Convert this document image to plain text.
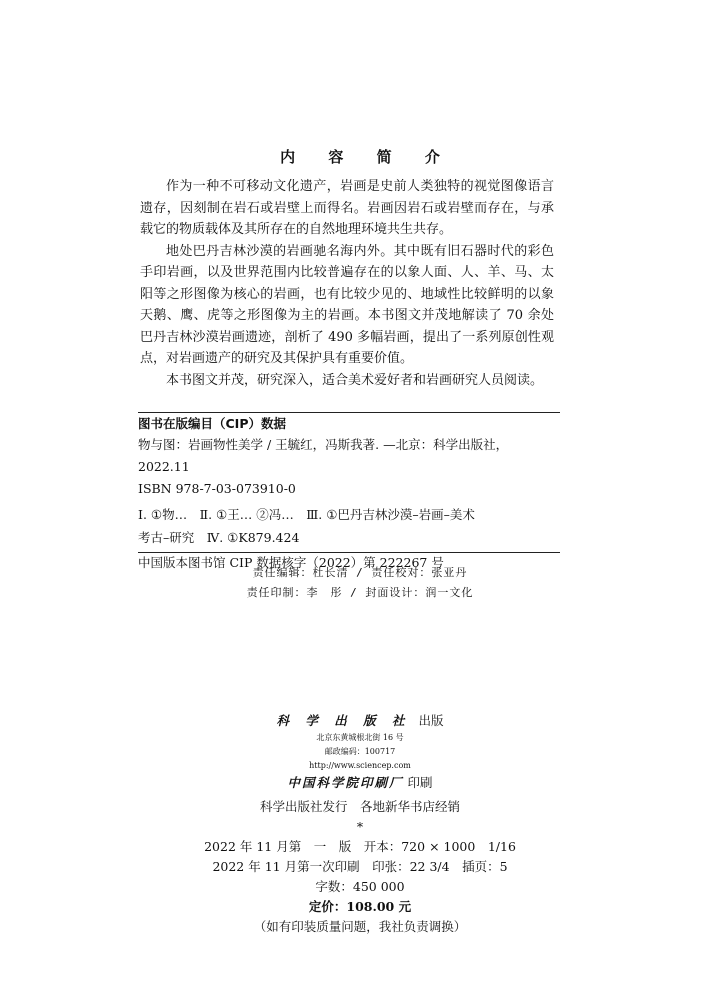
内 容 简 介

作为一种不可移动文化遗产，岩画是史前人类独特的视觉图像语言遗存，因刻制在岩石或岩壁上而得名。岩画因岩石或岩壁而存在，与承载它的物质载体及其所存在的自然地理环境共生共存。

地处巴丹吉林沙漠的岩画驰名海内外。其中既有旧石器时代的彩色手印岩画，以及世界范围内比较普遍存在的以象人面、人、羊、马、太阳等之形图像为核心的岩画，也有比较少见的、地域性比较鲜明的以象天鹅、鹰、虎等之形图像为主的岩画。本书图文并茂地解读了 70 余处巴丹吉林沙漠岩画遗迹，剖析了 490 多幅岩画，提出了一系列原创性观点，对岩画遗产的研究及其保护具有重要价值。

本书图文并茂，研究深入，适合美术爱好者和岩画研究人员阅读。

图书在版编目（CIP）数据
物与图：岩画物性美学 / 王毓红，冯斯我著. —北京：科学出版社，
2022.11
ISBN 978-7-03-073910-0
Ⅰ. ①物…　Ⅱ. ①王… ②冯…　Ⅲ. ①巴丹吉林沙漠–岩画–美术
考古–研究　Ⅳ. ①K879.424
中国版本图书馆 CIP 数据核字（2022）第 222267 号
责任编辑：杜长清 / 责任校对：张亚丹
责任印制：李　彤 / 封面设计：润一文化
科 学 出 版 社 出版
北京东黄城根北街 16 号
邮政编码：100717
http://www.sciencep.com
中国科学院印刷厂 印刷
科学出版社发行　各地新华书店经销
*
2022 年 11 月第　一　版　开本：720 × 1000　1/16
2022 年 11 月第一次印刷　印张：22 3/4　插页：5
字数：450 000
定价：108.00 元
（如有印装质量问题，我社负责调换）
